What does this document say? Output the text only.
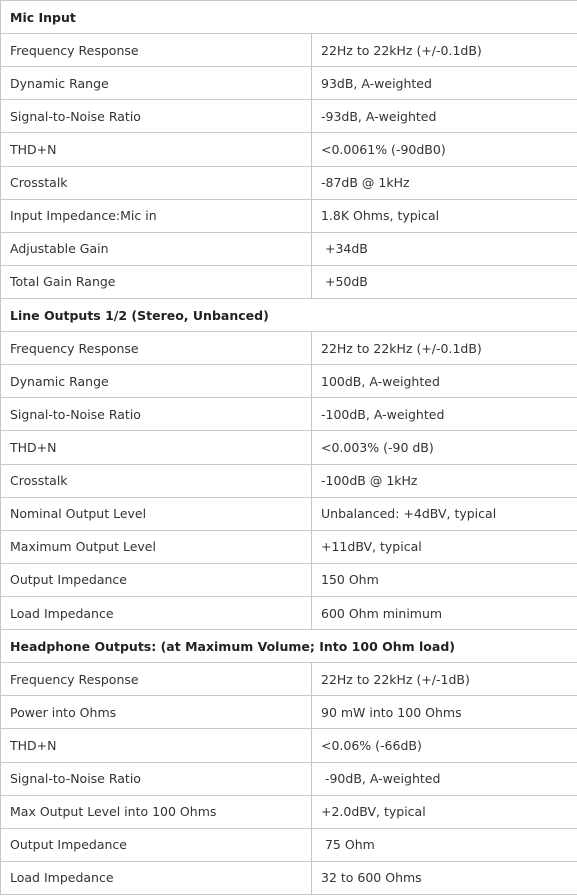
Mic Input	
Frequency Response	22Hz to 22kHz (+/-0.1dB)
Dynamic Range	93dB, A-weighted
Signal-to-Noise Ratio	-93dB, A-weighted
THD+N	<0.0061% (-90dB0)
Crosstalk	-87dB @ 1kHz
Input Impedance:Mic in	1.8K Ohms, typical
Adjustable Gain	+34dB
Total Gain Range	+50dB
Line Outputs 1/2 (Stereo, Unbanced)	
Frequency Response	22Hz to 22kHz (+/-0.1dB)
Dynamic Range	100dB, A-weighted
Signal-to-Noise Ratio	-100dB, A-weighted
THD+N	<0.003% (-90 dB)
Crosstalk	-100dB @ 1kHz
Nominal Output Level	Unbalanced: +4dBV, typical
Maximum Output Level	+11dBV, typical
Output Impedance	150 Ohm
Load Impedance	600 Ohm minimum
Headphone Outputs: (at Maximum Volume; Into 100 Ohm load)	
Frequency Response	22Hz to 22kHz (+/-1dB)
Power into Ohms	90 mW into 100 Ohms
THD+N	<0.06% (-66dB)
Signal-to-Noise Ratio	-90dB, A-weighted
Max Output Level into 100 Ohms	+2.0dBV, typical
Output Impedance	75 Ohm
Load Impedance	32 to 600 Ohms
